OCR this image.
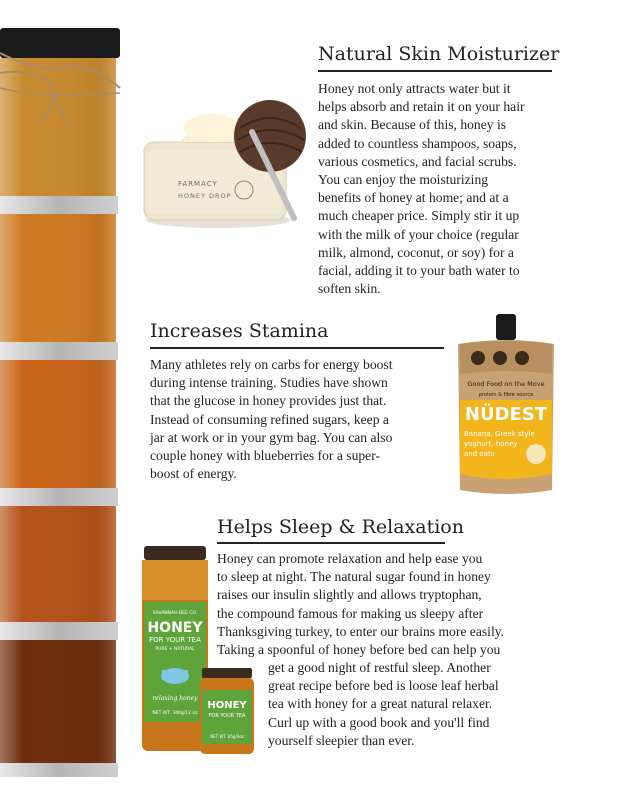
Natural Skin Moisturizer

Honey not only attracts water but it
helps absorb and retain it on your hair
and skin. Because of this, honey is
added to countless shampoos, soaps,
various cosmetics, and facial scrubs.
You can enjoy the moisturizing
benefits of honey at home; and at a
much cheaper price. Simply stir it up
with the milk of your choice (regular
milk, almond, coconut, or soy) for a
facial, adding it to your bath water to
soften skin.

FARMACY
HONEY DROP
Increases Stamina

Many athletes rely on carbs for energy boost
during intense training. Studies have shown
that the glucose in honey provides just that.
Instead of consuming refined sugars, keep a
jar at work or in your gym bag. You can also
couple honey with blueberries for a super-
boost of energy.

Good Food on the Move
protein & fibre source
NÜDEST
Banana, Greek style
yoghurt, honey
and oats
Helps Sleep & Relaxation

Honey can promote relaxation and help ease you
to sleep at night. The natural sugar found in honey
raises our insulin slightly and allows tryptophan,
the compound famous for making us sleepy after
Thanksgiving turkey, to enter our brains more easily.
Taking a spoonful of honey before bed can help you

get a good night of restful sleep. Another
great recipe before bed is loose leaf herbal
tea with honey for a great natural relaxer.
Curl up with a good book and you'll find
yourself sleepier than ever.

SAVANNAH BEE CO.
HONEY
FOR YOUR TEA
PURE + NATURAL
relaxing honey
NET WT. 340g/12 oz
HONEY
FOR YOUR TEA
NET WT. 85g/3oz
